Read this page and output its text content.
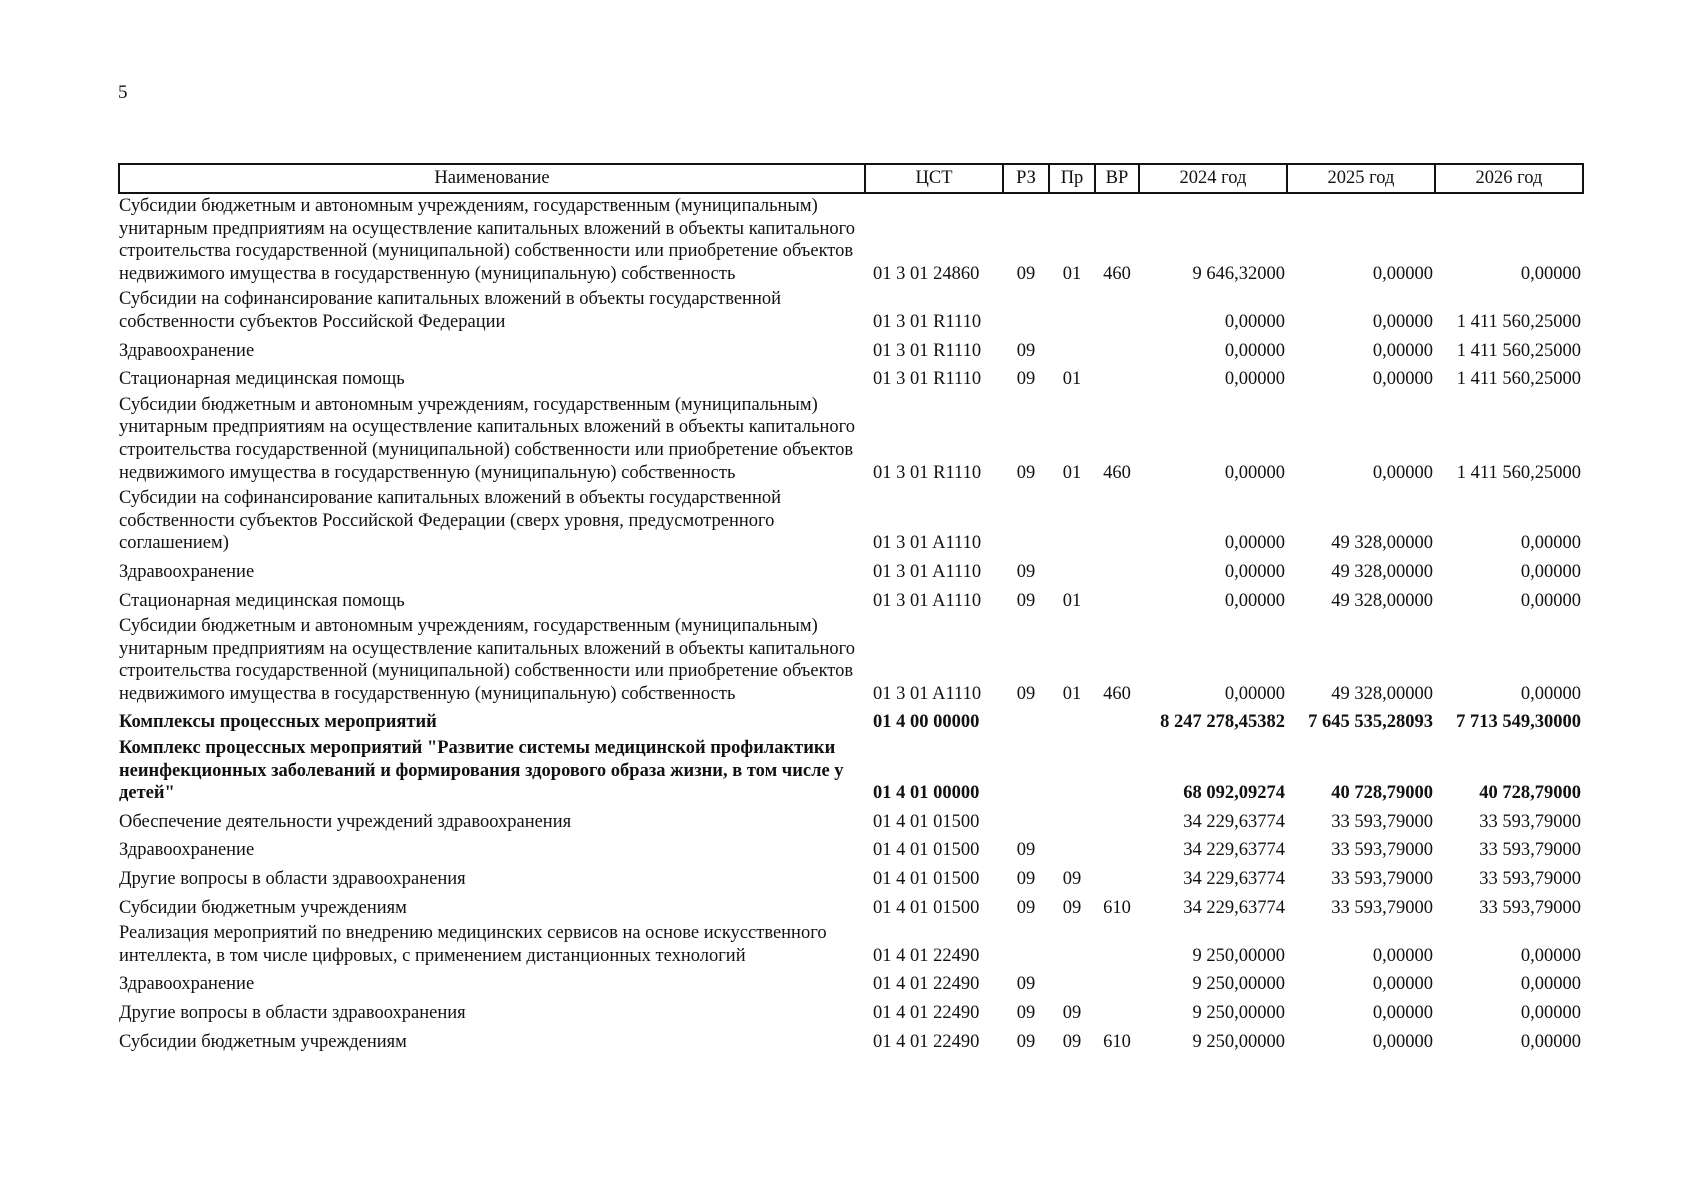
5
Наименование	ЦСТ	РЗ	Пр	ВР	2024 год	2025 год	2026 год
Субсидии бюджетным и автономным учреждениям, государственным (муниципальным) унитарным предприятиям на осуществление капитальных вложений в объекты капитального строительства государственной (муниципальной) собственности или приобретение объектов недвижимого имущества в государственную (муниципальную) собственность	01 3 01 24860	09	01	460	9 646,32000	0,00000	0,00000
Субсидии на софинансирование капитальных вложений в объекты государственной собственности субъектов Российской Федерации	01 3 01 R1110				0,00000	0,00000	1 411 560,25000
Здравоохранение	01 3 01 R1110	09			0,00000	0,00000	1 411 560,25000
Стационарная медицинская помощь	01 3 01 R1110	09	01		0,00000	0,00000	1 411 560,25000
Субсидии бюджетным и автономным учреждениям, государственным (муниципальным) унитарным предприятиям на осуществление капитальных вложений в объекты капитального строительства государственной (муниципальной) собственности или приобретение объектов недвижимого имущества в государственную (муниципальную) собственность	01 3 01 R1110	09	01	460	0,00000	0,00000	1 411 560,25000
Субсидии на софинансирование капитальных вложений в объекты государственной собственности субъектов Российской Федерации (сверх уровня, предусмотренного соглашением)	01 3 01 A1110				0,00000	49 328,00000	0,00000
Здравоохранение	01 3 01 A1110	09			0,00000	49 328,00000	0,00000
Стационарная медицинская помощь	01 3 01 A1110	09	01		0,00000	49 328,00000	0,00000
Субсидии бюджетным и автономным учреждениям, государственным (муниципальным) унитарным предприятиям на осуществление капитальных вложений в объекты капитального строительства государственной (муниципальной) собственности или приобретение объектов недвижимого имущества в государственную (муниципальную) собственность	01 3 01 A1110	09	01	460	0,00000	49 328,00000	0,00000
Комплексы процессных мероприятий	01 4 00 00000				8 247 278,45382	7 645 535,28093	7 713 549,30000
Комплекс процессных мероприятий "Развитие системы медицинской профилактики неинфекционных заболеваний и формирования здорового образа жизни, в том числе у детей"	01 4 01 00000				68 092,09274	40 728,79000	40 728,79000
Обеспечение деятельности учреждений здравоохранения	01 4 01 01500				34 229,63774	33 593,79000	33 593,79000
Здравоохранение	01 4 01 01500	09			34 229,63774	33 593,79000	33 593,79000
Другие вопросы в области здравоохранения	01 4 01 01500	09	09		34 229,63774	33 593,79000	33 593,79000
Субсидии бюджетным учреждениям	01 4 01 01500	09	09	610	34 229,63774	33 593,79000	33 593,79000
Реализация мероприятий по внедрению медицинских сервисов на основе искусственного интеллекта, в том числе цифровых, с применением дистанционных технологий	01 4 01 22490				9 250,00000	0,00000	0,00000
Здравоохранение	01 4 01 22490	09			9 250,00000	0,00000	0,00000
Другие вопросы в области здравоохранения	01 4 01 22490	09	09		9 250,00000	0,00000	0,00000
Субсидии бюджетным учреждениям	01 4 01 22490	09	09	610	9 250,00000	0,00000	0,00000
